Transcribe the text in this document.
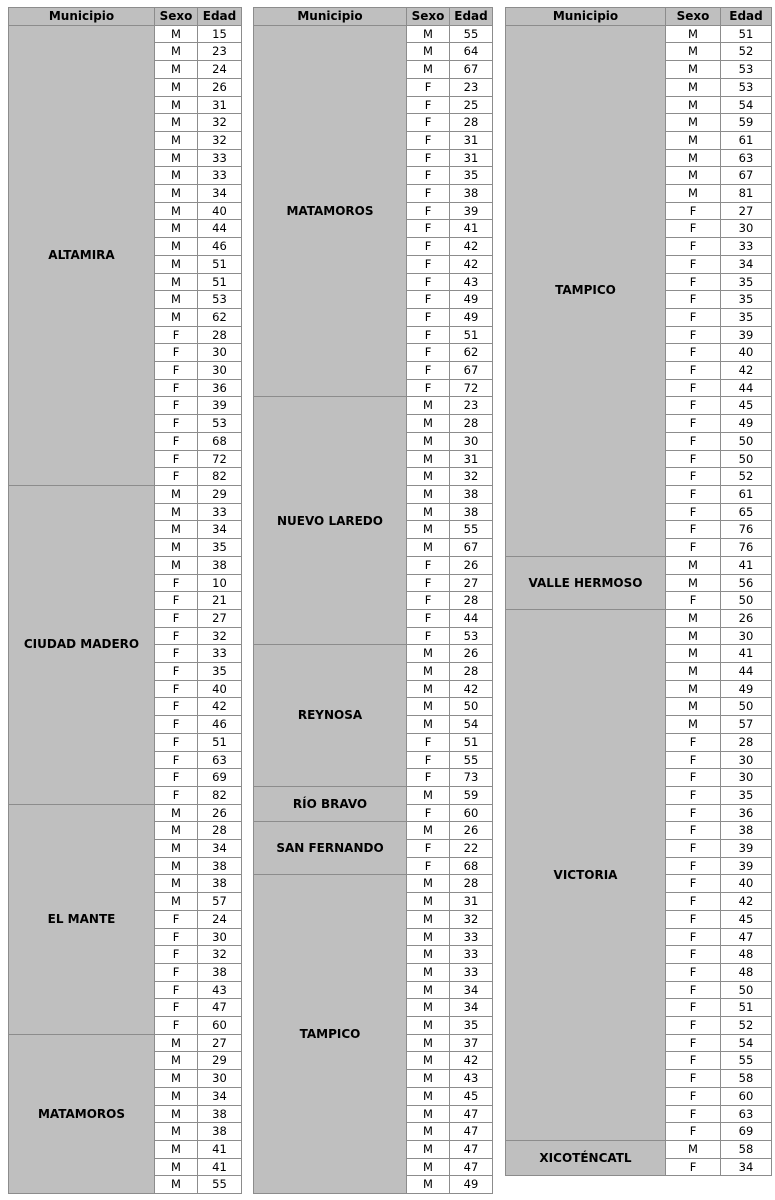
Municipio	Sexo	Edad
ALTAMIRA	M	15
	M	23
	M	24
	M	26
	M	31
	M	32
	M	32
	M	33
	M	33
	M	34
	M	40
	M	44
	M	46
	M	51
	M	51
	M	53
	M	62
	F	28
	F	30
	F	30
	F	36
	F	39
	F	53
	F	68
	F	72
	F	82
CIUDAD MADERO	M	29
	M	33
	M	34
	M	35
	M	38
	F	10
	F	21
	F	27
	F	32
	F	33
	F	35
	F	40
	F	42
	F	46
	F	51
	F	63
	F	69
	F	82
EL MANTE	M	26
	M	28
	M	34
	M	38
	M	38
	M	57
	F	24
	F	30
	F	32
	F	38
	F	43
	F	47
	F	60
MATAMOROS	M	27
	M	29
	M	30
	M	34
	M	38
	M	38
	M	41
	M	41
	M	55
Municipio	Sexo	Edad
MATAMOROS	M	55
	M	64
	M	67
	F	23
	F	25
	F	28
	F	31
	F	31
	F	35
	F	38
	F	39
	F	41
	F	42
	F	42
	F	43
	F	49
	F	49
	F	51
	F	62
	F	67
	F	72
NUEVO LAREDO	M	23
	M	28
	M	30
	M	31
	M	32
	M	38
	M	38
	M	55
	M	67
	F	26
	F	27
	F	28
	F	44
	F	53
REYNOSA	M	26
	M	28
	M	42
	M	50
	M	54
	F	51
	F	55
	F	73
RÍO BRAVO	M	59
	F	60
SAN FERNANDO	M	26
	F	22
	F	68
TAMPICO	M	28
	M	31
	M	32
	M	33
	M	33
	M	33
	M	34
	M	34
	M	35
	M	37
	M	42
	M	43
	M	45
	M	47
	M	47
	M	47
	M	47
	M	49
Municipio	Sexo	Edad
TAMPICO	M	51
	M	52
	M	53
	M	53
	M	54
	M	59
	M	61
	M	63
	M	67
	M	81
	F	27
	F	30
	F	33
	F	34
	F	35
	F	35
	F	35
	F	39
	F	40
	F	42
	F	44
	F	45
	F	49
	F	50
	F	50
	F	52
	F	61
	F	65
	F	76
	F	76
VALLE HERMOSO	M	41
	M	56
	F	50
VICTORIA	M	26
	M	30
	M	41
	M	44
	M	49
	M	50
	M	57
	F	28
	F	30
	F	30
	F	35
	F	36
	F	38
	F	39
	F	39
	F	40
	F	42
	F	45
	F	47
	F	48
	F	48
	F	50
	F	51
	F	52
	F	54
	F	55
	F	58
	F	60
	F	63
	F	69
XICOTÉNCATL	M	58
	F	34
